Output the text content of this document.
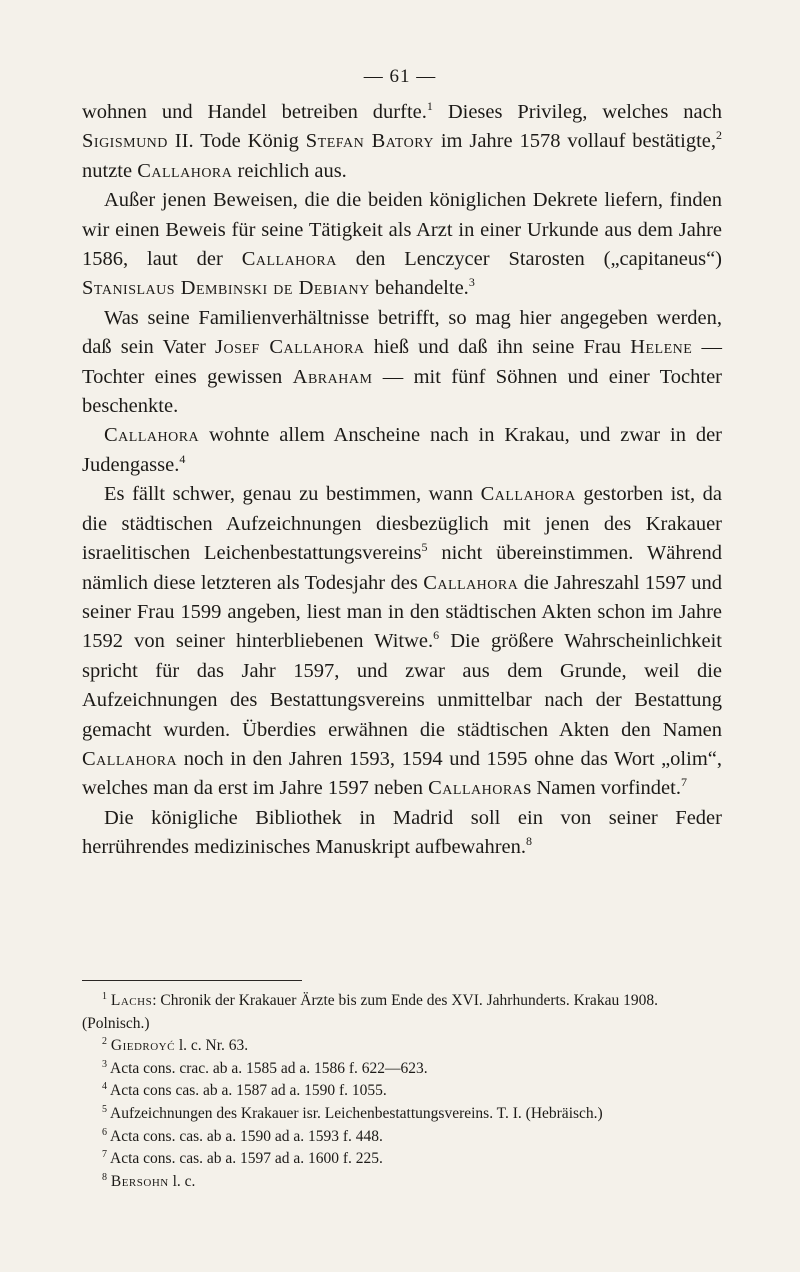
— 61 —

wohnen und Handel betreiben durfte.$^1$ Dieses Privileg, welches nach Sigismund II. Tode König Stefan Batory im Jahre 1578 vollauf bestätigte,$^2$ nutzte Callahora reichlich aus.

Außer jenen Beweisen, die die beiden königlichen Dekrete liefern, finden wir einen Beweis für seine Tätigkeit als Arzt in einer Urkunde aus dem Jahre 1586, laut der Callahora den Lenczycer Starosten („capitaneus“) Stanislaus Dembinski de Debiany behandelte.$^3$

Was seine Familienverhältnisse betrifft, so mag hier angegeben werden, daß sein Vater Josef Callahora hieß und daß ihn seine Frau Helene — Tochter eines gewissen Abraham — mit fünf Söhnen und einer Tochter beschenkte.

Callahora wohnte allem Anscheine nach in Krakau, und zwar in der Judengasse.$^4$

Es fällt schwer, genau zu bestimmen, wann Callahora gestorben ist, da die städtischen Aufzeichnungen diesbezüglich mit jenen des Krakauer israelitischen Leichenbestattungsvereins$^5$ nicht übereinstimmen. Während nämlich diese letzteren als Todesjahr des Callahora die Jahreszahl 1597 und seiner Frau 1599 angeben, liest man in den städtischen Akten schon im Jahre 1592 von seiner hinterbliebenen Witwe.$^6$ Die größere Wahrscheinlichkeit spricht für das Jahr 1597, und zwar aus dem Grunde, weil die Aufzeichnungen des Bestattungsvereins unmittelbar nach der Bestattung gemacht wurden. Überdies erwähnen die städtischen Akten den Namen Callahora noch in den Jahren 1593, 1594 und 1595 ohne das Wort „olim“, welches man da erst im Jahre 1597 neben Callahoras Namen vorfindet.$^7$

Die königliche Bibliothek in Madrid soll ein von seiner Feder herrührendes medizinisches Manuskript aufbewahren.$^8$

$^1$ Lachs: Chronik der Krakauer Ärzte bis zum Ende des XVI. Jahrhunderts. Krakau 1908. (Polnisch.)

$^2$ Giedroyć l. c. Nr. 63.

$^3$ Acta cons. crac. ab a. 1585 ad a. 1586 f. 622—623.

$^4$ Acta cons cas. ab a. 1587 ad a. 1590 f. 1055.

$^5$ Aufzeichnungen des Krakauer isr. Leichenbestattungsvereins. T. I. (Hebräisch.)

$^6$ Acta cons. cas. ab a. 1590 ad a. 1593 f. 448.

$^7$ Acta cons. cas. ab a. 1597 ad a. 1600 f. 225.

$^8$ Bersohn l. c.
